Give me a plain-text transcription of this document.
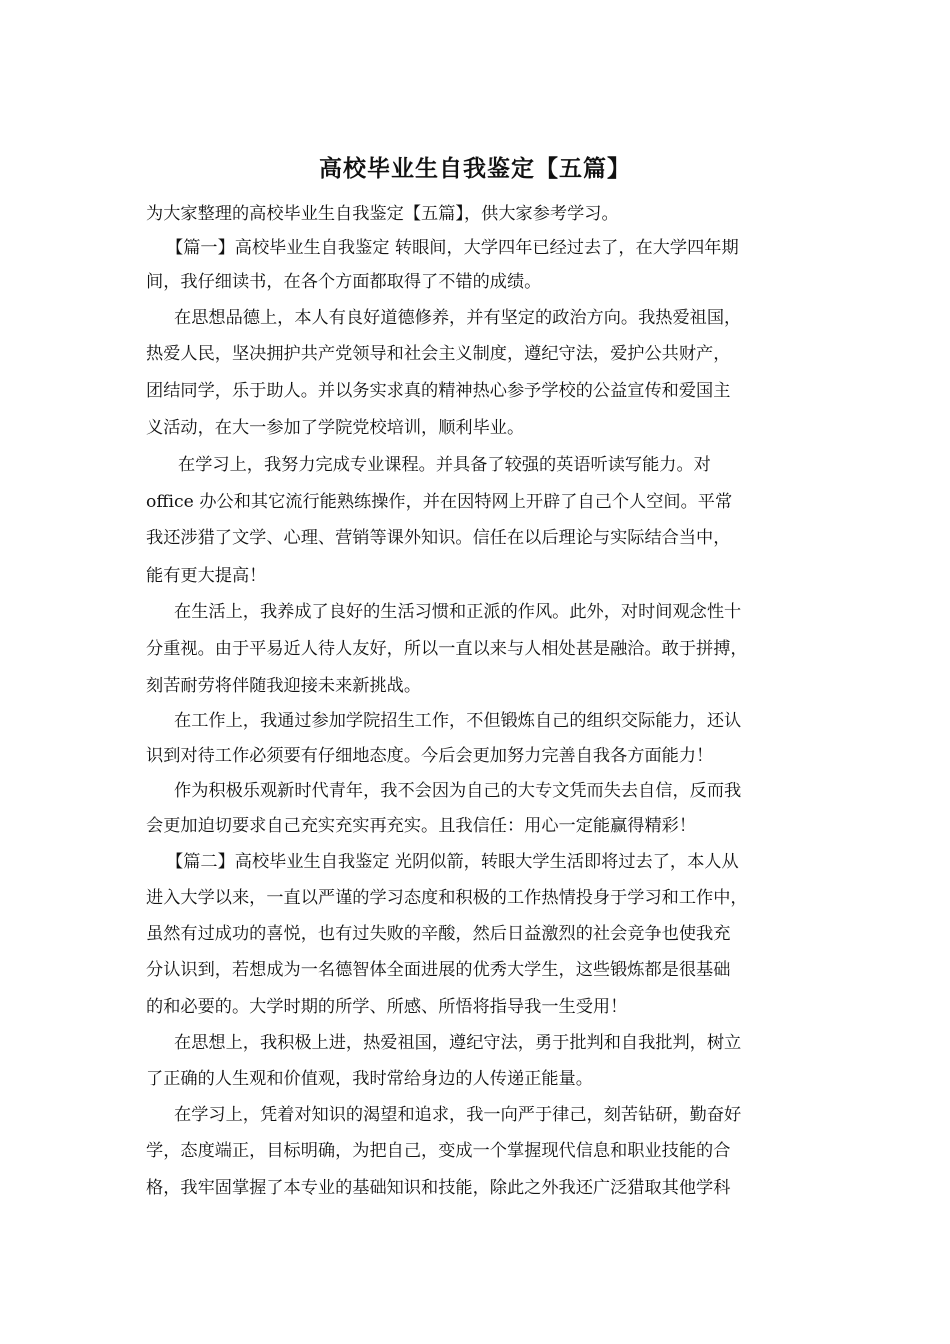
高校毕业生自我鉴定【五篇】
为大家整理的高校毕业生自我鉴定【五篇】，供大家参考学习。
【篇一】高校毕业生自我鉴定 转眼间，大学四年已经过去了，在大学四年期
间，我仔细读书，在各个方面都取得了不错的成绩。
在思想品德上，本人有良好道德修养，并有坚定的政治方向。我热爱祖国，
热爱人民，坚决拥护共产党领导和社会主义制度，遵纪守法，爱护公共财产，
团结同学，乐于助人。并以务实求真的精神热心参予学校的公益宣传和爱国主
义活动，在大一参加了学院党校培训，顺利毕业。
在学习上，我努力完成专业课程。并具备了较强的英语听读写能力。对
office 办公和其它流行能熟练操作，并在因特网上开辟了自己个人空间。平常
我还涉猎了文学、心理、营销等课外知识。信任在以后理论与实际结合当中，
能有更大提高！
在生活上，我养成了良好的生活习惯和正派的作风。此外，对时间观念性十
分重视。由于平易近人待人友好，所以一直以来与人相处甚是融洽。敢于拼搏，
刻苦耐劳将伴随我迎接未来新挑战。
在工作上，我通过参加学院招生工作，不但锻炼自己的组织交际能力，还认
识到对待工作必须要有仔细地态度。今后会更加努力完善自我各方面能力！
作为积极乐观新时代青年，我不会因为自己的大专文凭而失去自信，反而我
会更加迫切要求自己充实充实再充实。且我信任：用心一定能赢得精彩！
【篇二】高校毕业生自我鉴定 光阴似箭，转眼大学生活即将过去了，本人从
进入大学以来，一直以严谨的学习态度和积极的工作热情投身于学习和工作中，
虽然有过成功的喜悦，也有过失败的辛酸，然后日益激烈的社会竞争也使我充
分认识到，若想成为一名德智体全面进展的优秀大学生，这些锻炼都是很基础
的和必要的。大学时期的所学、所感、所悟将指导我一生受用！
在思想上，我积极上进，热爱祖国，遵纪守法，勇于批判和自我批判，树立
了正确的人生观和价值观，我时常给身边的人传递正能量。
在学习上，凭着对知识的渴望和追求，我一向严于律己，刻苦钻研，勤奋好
学，态度端正，目标明确，为把自己，变成一个掌握现代信息和职业技能的合
格，我牢固掌握了本专业的基础知识和技能，除此之外我还广泛猎取其他学科
